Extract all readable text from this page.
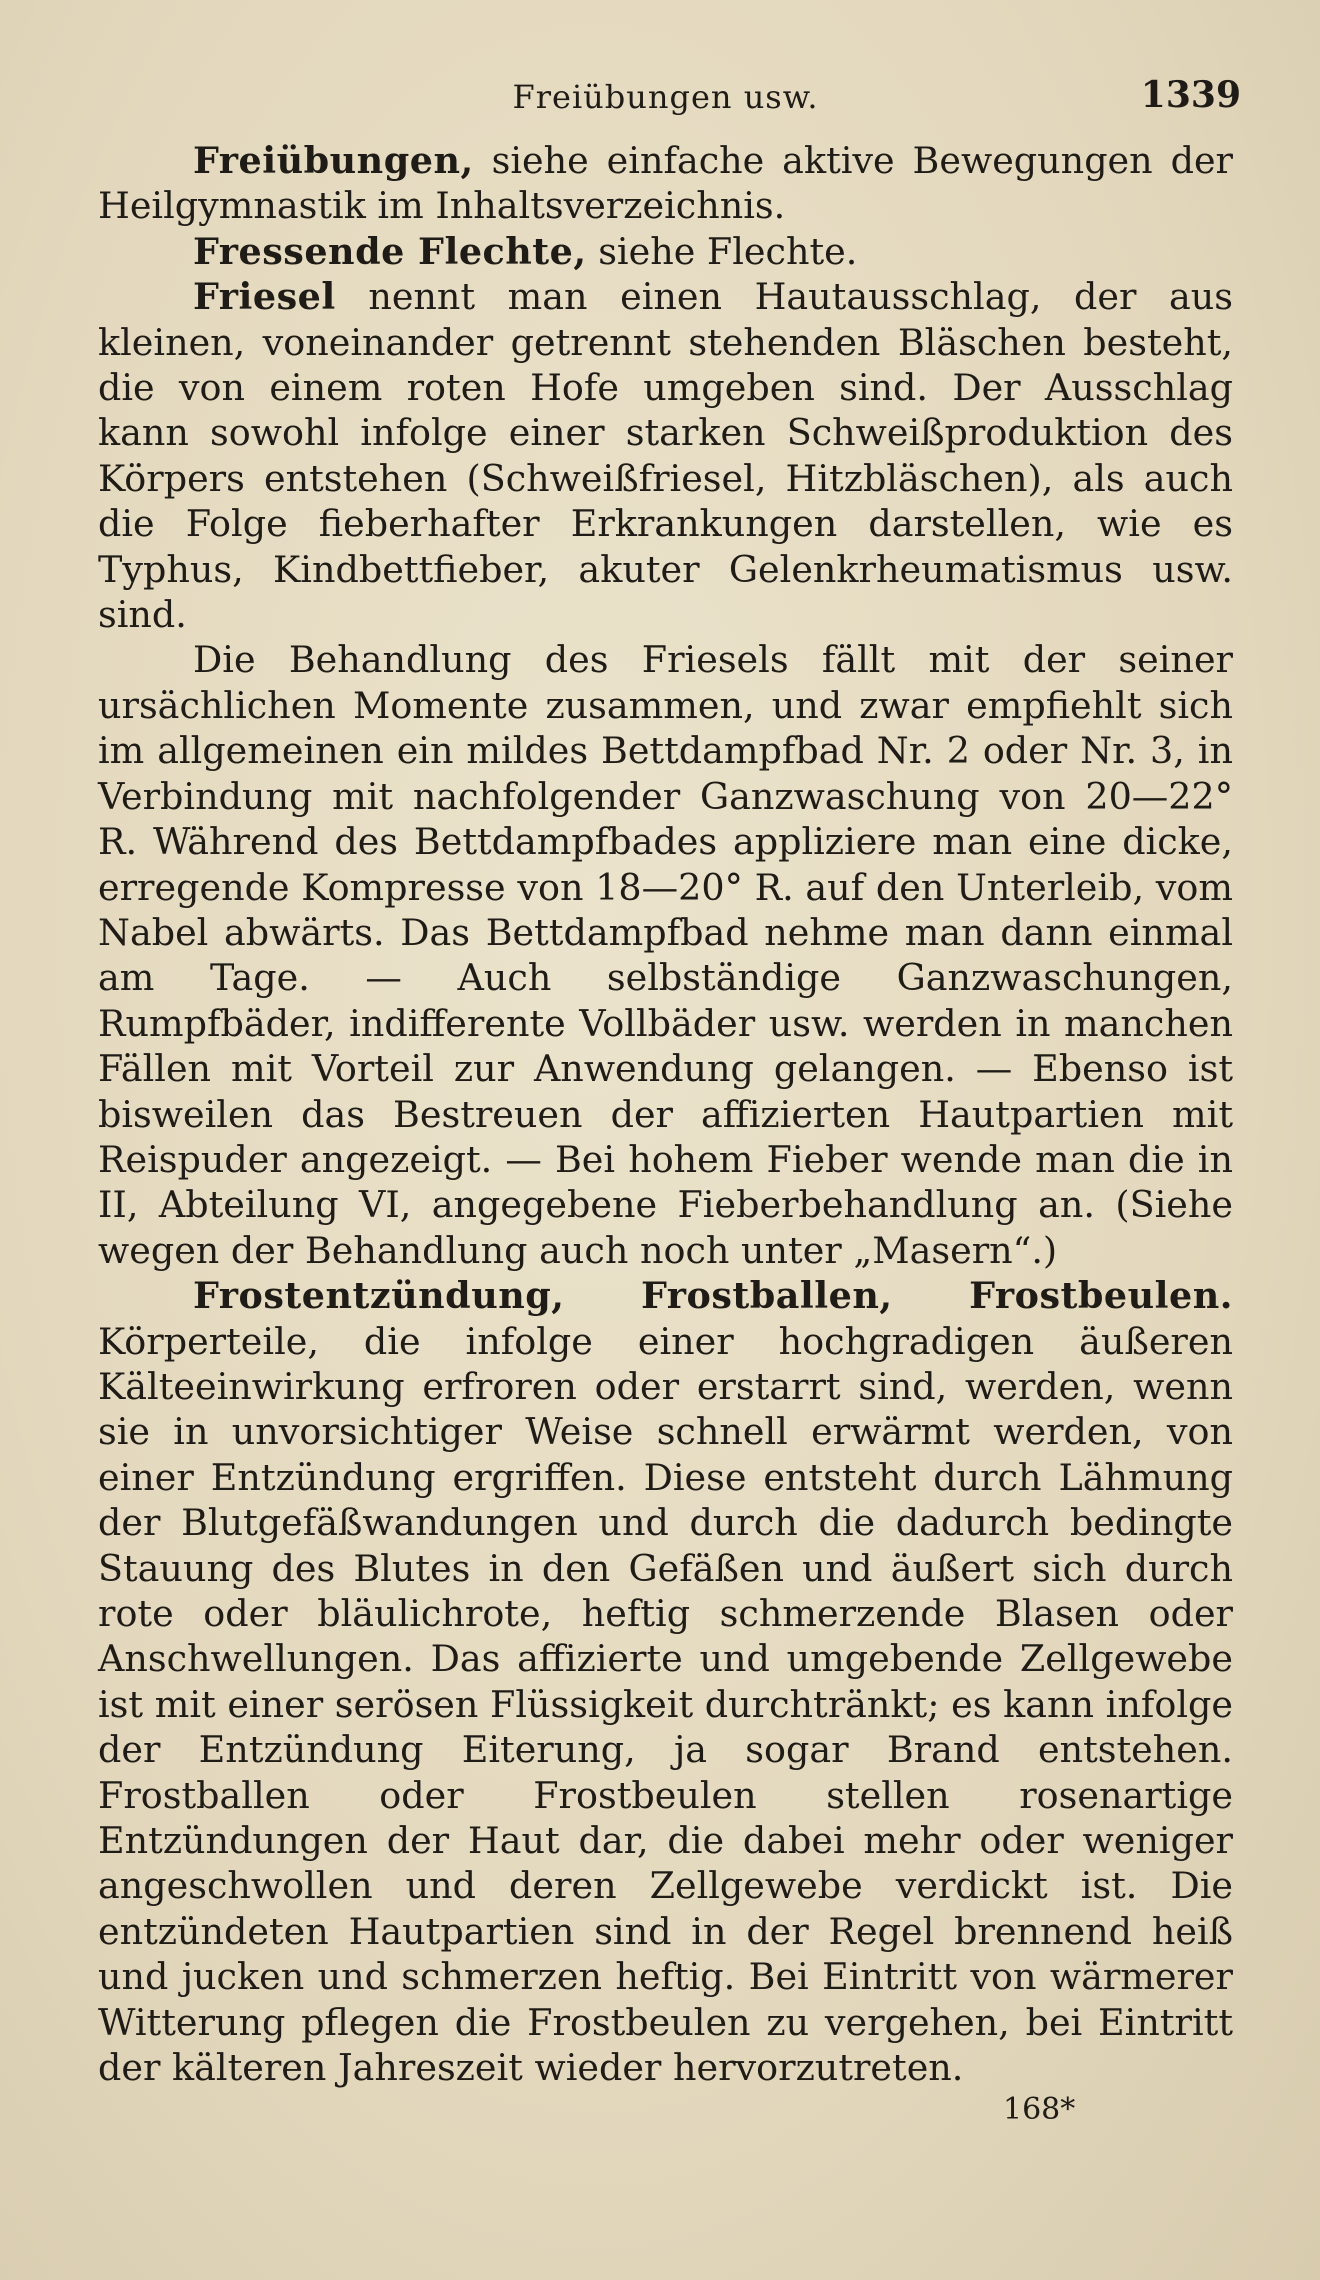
Freiübungen usw.	1339

Freiübungen, siehe einfache aktive Bewegungen der Heilgymnastik im Inhaltsverzeichnis.

Fressende Flechte, siehe Flechte.

Friesel nennt man einen Hautausschlag, der aus kleinen, voneinander getrennt stehenden Bläschen besteht, die von einem roten Hofe umgeben sind. Der Ausschlag kann sowohl infolge einer starken Schweißproduktion des Körpers entstehen (Schweißfriesel, Hitzbläschen), als auch die Folge fieberhafter Erkrankungen darstellen, wie es Typhus, Kindbettfieber, akuter Gelenkrheumatismus usw. sind.

Die Behandlung des Friesels fällt mit der seiner ursächlichen Momente zusammen, und zwar empfiehlt sich im allgemeinen ein mildes Bettdampfbad Nr. 2 oder Nr. 3, in Verbindung mit nachfolgender Ganzwaschung von 20—22° R. Während des Bettdampfbades appliziere man eine dicke, erregende Kompresse von 18—20° R. auf den Unterleib, vom Nabel abwärts. Das Bettdampfbad nehme man dann einmal am Tage. — Auch selbständige Ganzwaschungen, Rumpfbäder, indifferente Vollbäder usw. werden in manchen Fällen mit Vorteil zur Anwendung gelangen. — Ebenso ist bisweilen das Bestreuen der affizierten Hautpartien mit Reispuder angezeigt. — Bei hohem Fieber wende man die in II, Abteilung VI, angegebene Fieberbehandlung an. (Siehe wegen der Behandlung auch noch unter „Masern“.)

Frostentzündung, Frostballen, Frostbeulen. Körperteile, die infolge einer hochgradigen äußeren Kälteeinwirkung erfroren oder erstarrt sind, werden, wenn sie in unvorsichtiger Weise schnell erwärmt werden, von einer Entzündung ergriffen. Diese entsteht durch Lähmung der Blutgefäßwandungen und durch die dadurch bedingte Stauung des Blutes in den Gefäßen und äußert sich durch rote oder bläulichrote, heftig schmerzende Blasen oder Anschwellungen. Das affizierte und umgebende Zellgewebe ist mit einer serösen Flüssigkeit durchtränkt; es kann infolge der Entzündung Eiterung, ja sogar Brand entstehen. Frostballen oder Frostbeulen stellen rosenartige Entzündungen der Haut dar, die dabei mehr oder weniger angeschwollen und deren Zellgewebe verdickt ist. Die entzündeten Hautpartien sind in der Regel brennend heiß und jucken und schmerzen heftig. Bei Eintritt von wärmerer Witterung pflegen die Frostbeulen zu vergehen, bei Eintritt der kälteren Jahreszeit wieder hervorzutreten.

168*
